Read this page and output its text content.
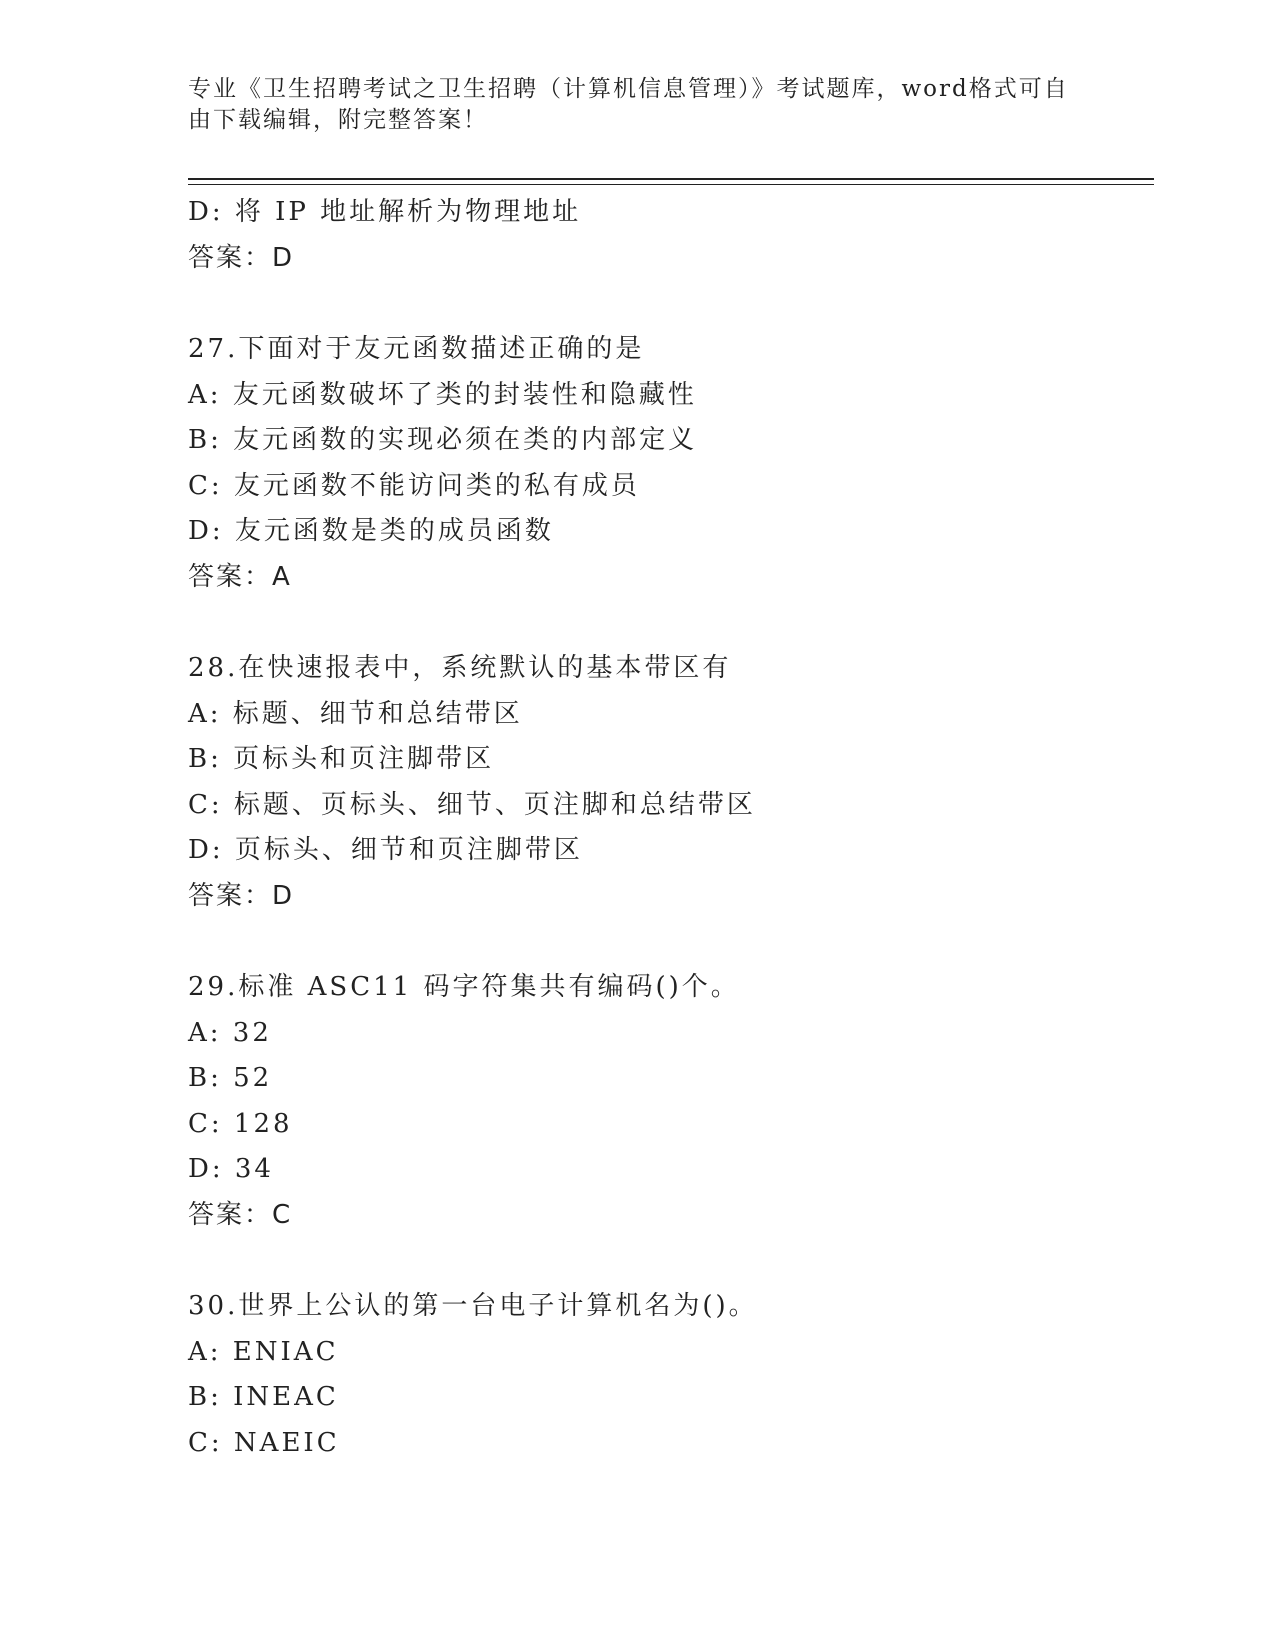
专业《卫生招聘考试之卫生招聘（计算机信息管理）》考试题库，word格式可自
由下载编辑，附完整答案！
D: 将 IP 地址解析为物理地址
答案：D
27.下面对于友元函数描述正确的是
A: 友元函数破坏了类的封装性和隐藏性
B: 友元函数的实现必须在类的内部定义
C: 友元函数不能访问类的私有成员
D: 友元函数是类的成员函数
答案：A
28.在快速报表中，系统默认的基本带区有
A: 标题、细节和总结带区
B: 页标头和页注脚带区
C: 标题、页标头、细节、页注脚和总结带区
D: 页标头、细节和页注脚带区
答案：D
29.标准 ASC11 码字符集共有编码()个。
A: 32
B: 52
C: 128
D: 34
答案：C
30.世界上公认的第一台电子计算机名为()。
A: ENIAC
B: INEAC
C: NAEIC
